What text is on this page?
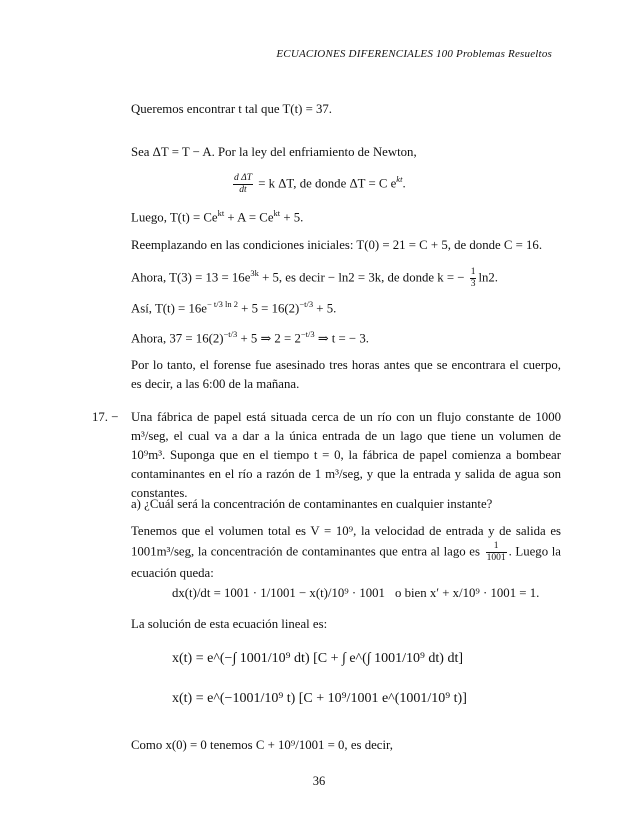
ECUACIONES DIFERENCIALES 100 Problemas Resueltos
Queremos encontrar t tal que T(t) = 37.
Sea ΔT = T − A. Por la ley del enfriamiento de Newton,
$\frac{\text{d ΔT}}{dt} = k$ ΔT, de donde ΔT = C $e^{kt}$.
Luego, $T(t) = Ce^{kt} + A = Ce^{kt} + 5$.
Reemplazando en las condiciones iniciales: T(0) = 21 = C + 5, de donde C = 16.
Ahora, $T(3) = 13 = 16e^{3k} + 5$, es decir − ln2 = 3k, de donde k = − $\frac{1}{3} \ln 2$.
Así, $T(t) = 16e^{- t/3 ln 2} + 5 = 16(2)^{-t/3} + 5$.
Ahora, $37 = 16(2)^{-t/3} + 5$ ⇒ $2 = 2^{-t/3}$ ⇒ t = − 3.
Por lo tanto, el forense fue asesinado tres horas antes que se encontrara el cuerpo, es decir, a las 6:00 de la mañana.
17. − Una fábrica de papel está situada cerca de un río con un flujo constante de 1000 m³/seg, el cual va a dar a la única entrada de un lago que tiene un volumen de 10⁹m³. Suponga que en el tiempo t = 0, la fábrica de papel comienza a bombear contaminantes en el río a razón de 1 m³/seg, y que la entrada y salida de agua son constantes.
a) ¿Cuál será la concentración de contaminantes en cualquier instante?
Tenemos que el volumen total es V = 10⁹, la velocidad de entrada y de salida es 1001m³/seg, la concentración de contaminantes que entra al lago es $\frac{1}{1001}$ . Luego la ecuación queda:
dx(t)/dt = 1001 · 1/1001 − x(t)/10⁹ · 1001 o bien x′ + x/10⁹ · 1001 = 1.
La solución de esta ecuación lineal es:
x(t) = e^(−∫ 1001/10⁹ dt) [C + ∫ e^(∫ 1001/10⁹ dt) dt]
x(t) = e^(−1001/10⁹ t) [C + 10⁹/1001 e^(1001/10⁹ t)]
Como x(0) = 0 tenemos C + 10⁹/1001 = 0, es decir,
36
